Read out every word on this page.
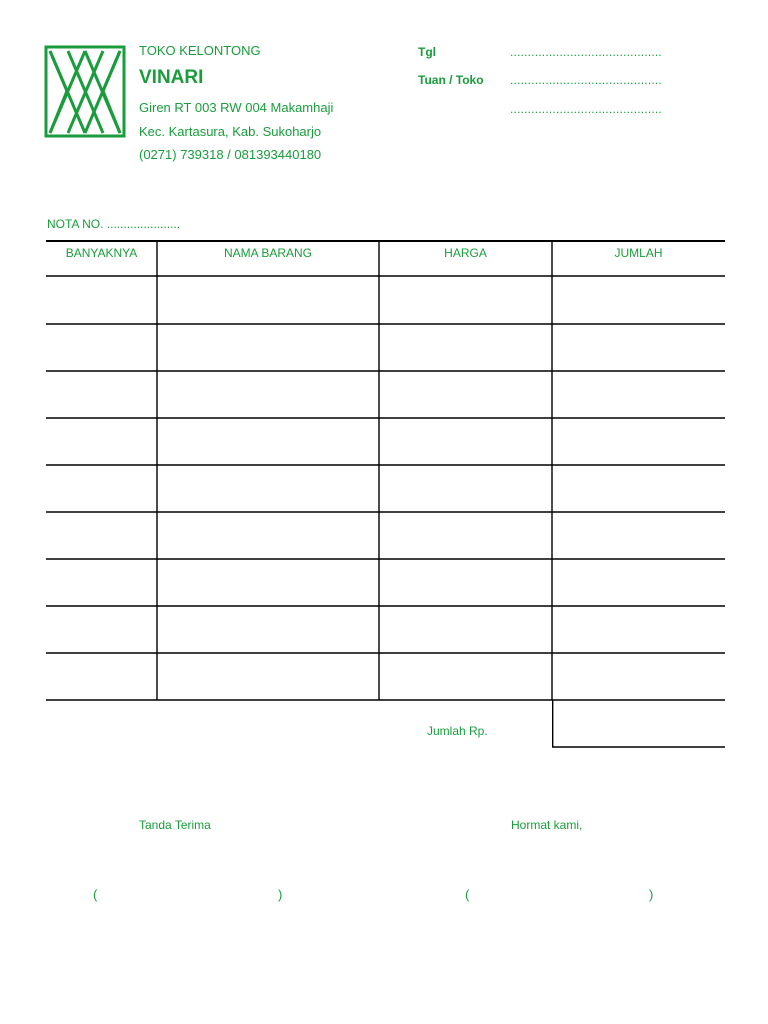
TOKO KELONTONG
VINARI
Giren RT 003 RW 004 Makamhaji
Kec. Kartasura, Kab. Sukoharjo
(0271) 739318 / 081393440180
Tgl	...........................................
Tuan / Toko ...........................................
...........................................
NOTA NO. ......................
BANYAKNYA	NAMA BARANG	HARGA	JUMLAH
Jumlah Rp.
Tanda Terima	Hormat kami,
(	)	(	)
